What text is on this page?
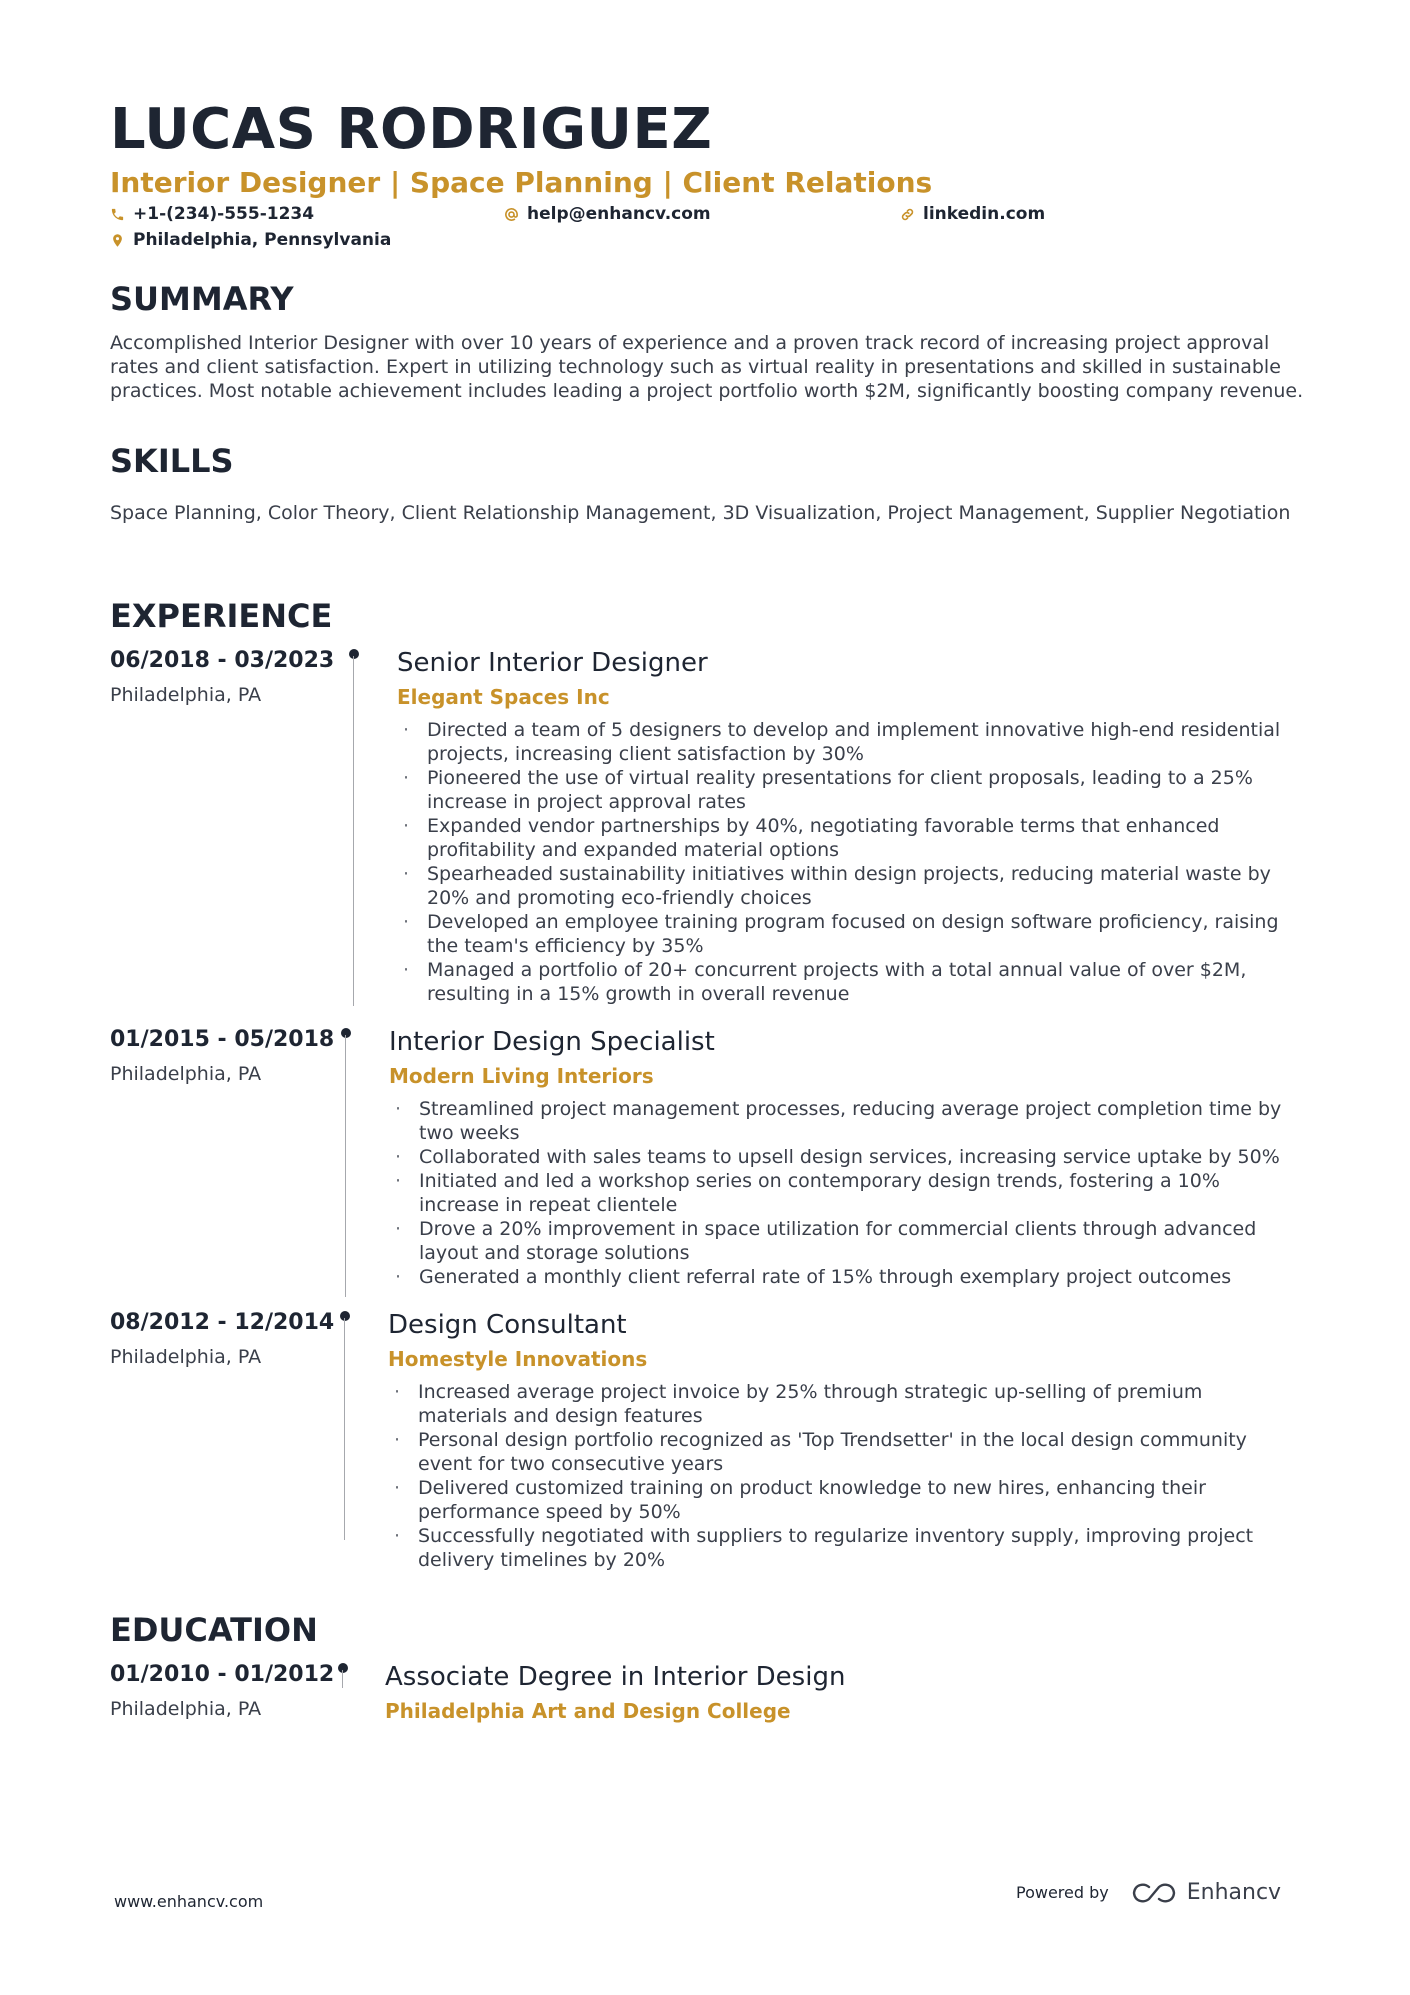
LUCAS RODRIGUEZ
Interior Designer | Space Planning | Client Relations
+1-(234)-555-1234	help@enhancv.com	linkedin.com
Philadelphia, Pennsylvania
SUMMARY
Accomplished Interior Designer with over 10 years of experience and a proven track record of increasing project approval rates and client satisfaction. Expert in utilizing technology such as virtual reality in presentations and skilled in sustainable practices. Most notable achievement includes leading a project portfolio worth $2M, significantly boosting company revenue.
SKILLS
Space Planning, Color Theory, Client Relationship Management, 3D Visualization, Project Management, Supplier Negotiation
EXPERIENCE
06/2018 - 03/2023
Philadelphia, PA
Senior Interior Designer
Elegant Spaces Inc
· Directed a team of 5 designers to develop and implement innovative high-end residential projects, increasing client satisfaction by 30%
· Pioneered the use of virtual reality presentations for client proposals, leading to a 25% increase in project approval rates
· Expanded vendor partnerships by 40%, negotiating favorable terms that enhanced profitability and expanded material options
· Spearheaded sustainability initiatives within design projects, reducing material waste by 20% and promoting eco-friendly choices
· Developed an employee training program focused on design software proficiency, raising the team's efficiency by 35%
· Managed a portfolio of 20+ concurrent projects with a total annual value of over $2M, resulting in a 15% growth in overall revenue
01/2015 - 05/2018
Philadelphia, PA
Interior Design Specialist
Modern Living Interiors
· Streamlined project management processes, reducing average project completion time by two weeks
· Collaborated with sales teams to upsell design services, increasing service uptake by 50%
· Initiated and led a workshop series on contemporary design trends, fostering a 10% increase in repeat clientele
· Drove a 20% improvement in space utilization for commercial clients through advanced layout and storage solutions
· Generated a monthly client referral rate of 15% through exemplary project outcomes
08/2012 - 12/2014
Philadelphia, PA
Design Consultant
Homestyle Innovations
· Increased average project invoice by 25% through strategic up-selling of premium materials and design features
· Personal design portfolio recognized as 'Top Trendsetter' in the local design community event for two consecutive years
· Delivered customized training on product knowledge to new hires, enhancing their performance speed by 50%
· Successfully negotiated with suppliers to regularize inventory supply, improving project delivery timelines by 20%
EDUCATION
01/2010 - 01/2012
Philadelphia, PA
Associate Degree in Interior Design
Philadelphia Art and Design College
www.enhancv.com	Powered by	Enhancv
